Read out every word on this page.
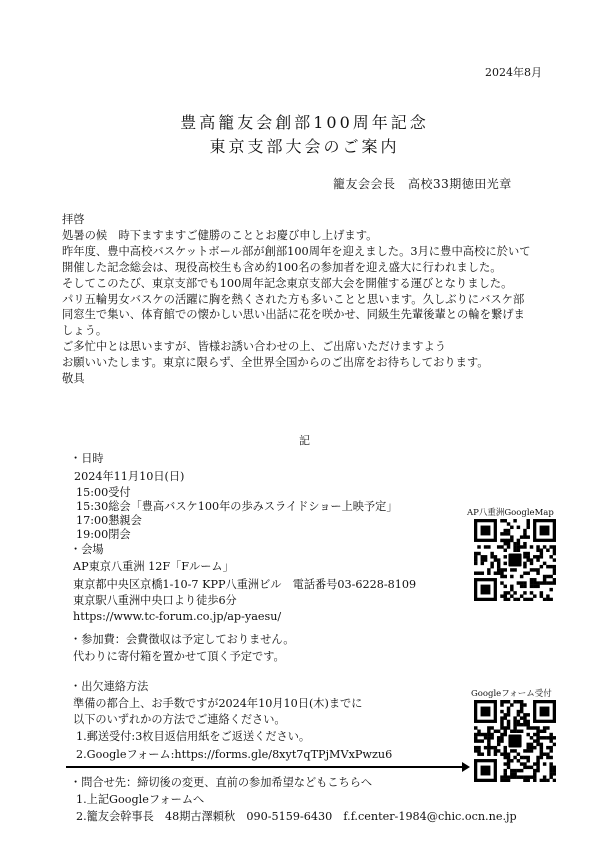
2024年8月
豊高籠友会創部100周年記念
東京支部大会のご案内
籠友会会長　高校33期徳田光章
拝啓
処暑の候　時下ますますご健勝のこととお慶び申し上げます。
昨年度、豊中高校バスケットボール部が創部100周年を迎えました。3月に豊中高校に於いて
開催した記念総会は、現役高校生も含め約100名の参加者を迎え盛大に行われました。
そしてこのたび、東京支部でも100周年記念東京支部大会を開催する運びとなりました。
パリ五輪男女バスケの活躍に胸を熱くされた方も多いことと思います。久しぶりにバスケ部
同窓生で集い、体育館での懐かしい思い出話に花を咲かせ、同級生先輩後輩との輪を繋げま
しょう。
ご多忙中とは思いますが、皆様お誘い合わせの上、ご出席いただけますよう
お願いいたします。東京に限らず、全世界全国からのご出席をお待ちしております。
敬具
記
・日時
2024年11月10日(日)
15:00受付
15:30総会「豊高バスケ100年の歩みスライドショー上映予定」
17:00懇親会
19:00閉会
・会場
AP東京八重洲 12F「Fルーム」
東京都中央区京橋1-10-7 KPP八重洲ビル　電話番号03-6228-8109
東京駅八重洲中央口より徒歩6分
https://www.tc-forum.co.jp/ap-yaesu/
AP八重洲GoogleMap
・参加費：会費徴収は予定しておりません。
代わりに寄付箱を置かせて頂く予定です。
・出欠連絡方法
準備の都合上、お手数ですが2024年10月10日(木)までに
以下のいずれかの方法でご連絡ください。
1.郵送受付:3枚目返信用紙をご返送ください。
2.Googleフォーム:https://forms.gle/8xyt7qTPjMVxPwzu6
Googleフォーム受付
・問合せ先：締切後の変更、直前の参加希望などもこちらへ
1.上記Googleフォームへ
2.籠友会幹事長　48期古澤頼秋　090-5159-6430　f.f.center-1984@chic.ocn.ne.jp
